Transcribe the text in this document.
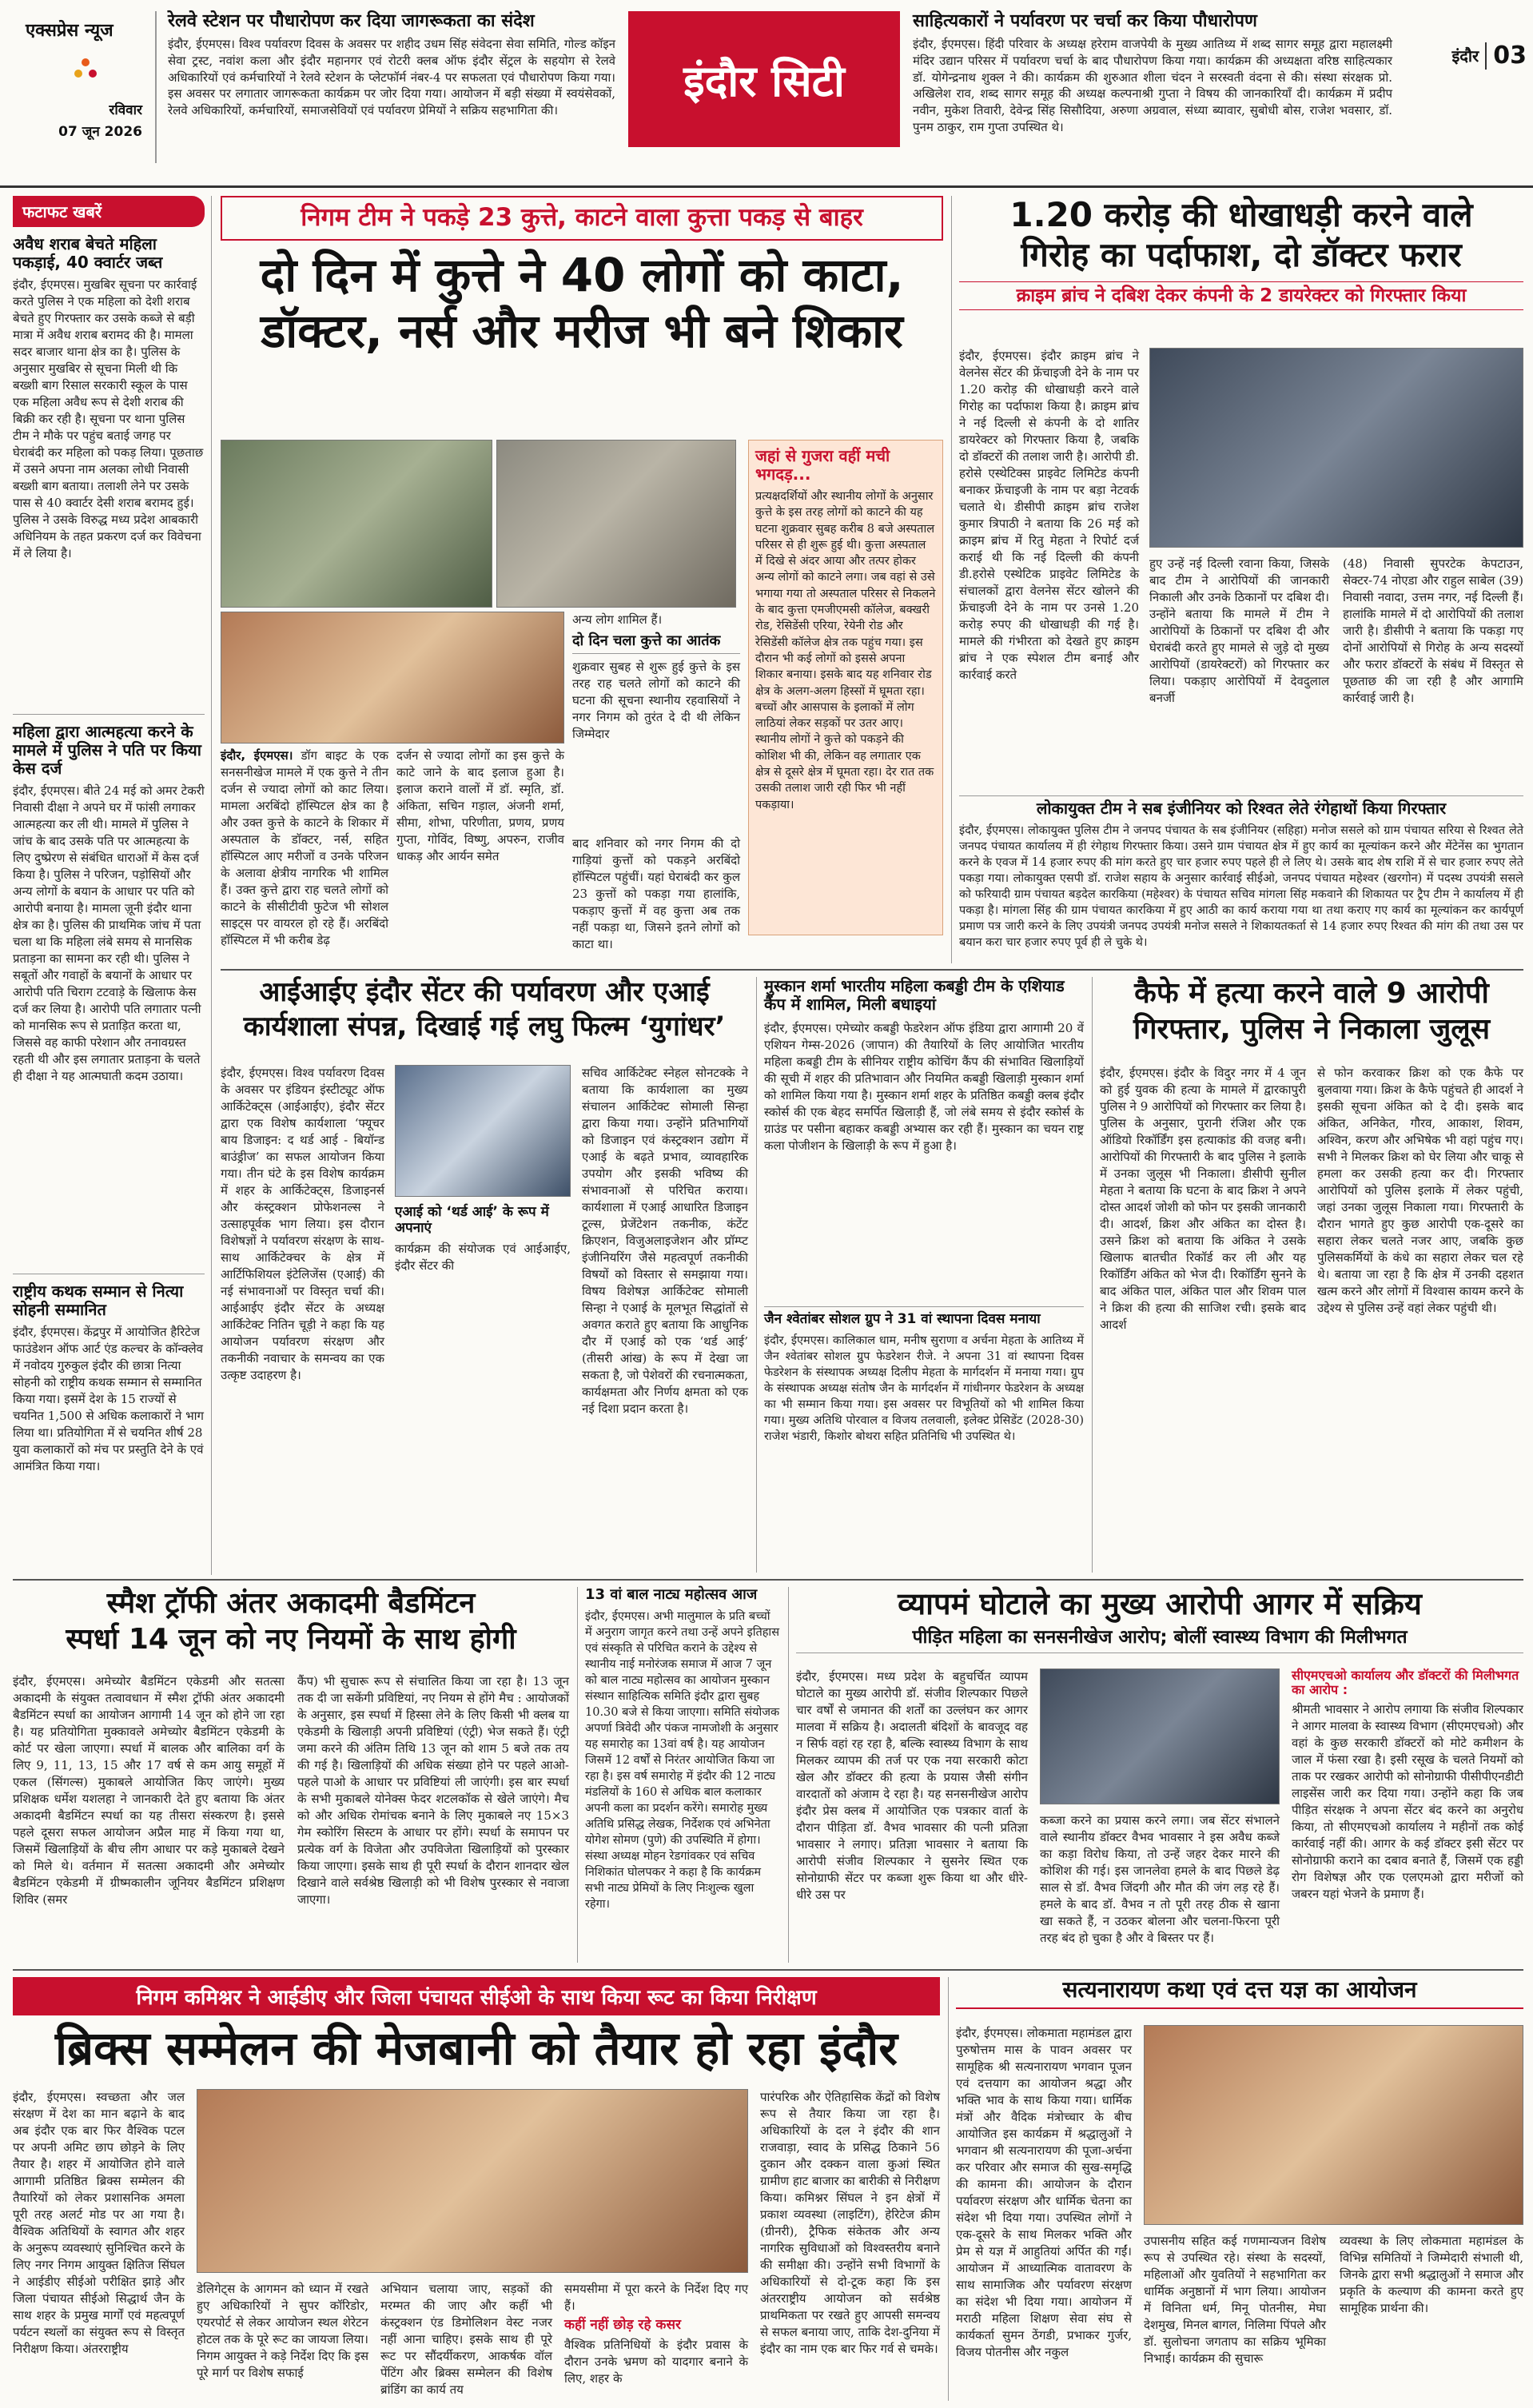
एक्सप्रेस न्यूज
रविवार
07 जून 2026
रेलवे स्टेशन पर पौधारोपण कर दिया जागरूकता का संदेश
इंदौर, ईएमएस। विश्व पर्यावरण दिवस के अवसर पर शहीद उधम सिंह संवेदना सेवा समिति, गोल्ड कॉइन सेवा ट्रस्ट, नवांश कला और इंदौर महानगर एवं रोटरी क्लब ऑफ इंदौर सेंट्रल के सहयोग से रेलवे अधिकारियों एवं कर्मचारियों ने रेलवे स्टेशन के प्लेटफॉर्म नंबर-4 पर सफलता एवं पौधारोपण किया गया। इस अवसर पर लगातार जागरूकता कार्यक्रम पर जोर दिया गया। आयोजन में बड़ी संख्या में स्वयंसेवकों, रेलवे अधिकारियों, कर्मचारियों, समाजसेवियों एवं पर्यावरण प्रेमियों ने सक्रिय सहभागिता की।
इंदौर सिटी
साहित्यकारों ने पर्यावरण पर चर्चा कर किया पौधारोपण
इंदौर, ईएमएस। हिंदी परिवार के अध्यक्ष हरेराम वाजपेयी के मुख्य आतिथ्य में शब्द सागर समूह द्वारा महालक्ष्मी मंदिर उद्यान परिसर में पर्यावरण चर्चा के बाद पौधारोपण किया गया। कार्यक्रम की अध्यक्षता वरिष्ठ साहित्यकार डॉ. योगेन्द्रनाथ शुक्ल ने की। कार्यक्रम की शुरुआत शीला चंदन ने सरस्वती वंदना से की। संस्था संरक्षक प्रो. अखिलेश राव, शब्द सागर समूह की अध्यक्ष कल्पनाश्री गुप्ता ने विषय की जानकारियाँ दी। कार्यक्रम में प्रदीप नवीन, मुकेश तिवारी, देवेन्द्र सिंह सिसौदिया, अरुणा अग्रवाल, संध्या ब्यावार, सुबोधी बोस, राजेश भवसार, डॉ. पुनम ठाकुर, राम गुप्ता उपस्थित थे।
इंदौर 03
फटाफट खबरें
अवैध शराब बेचते महिला पकड़ाई, 40 क्वार्टर जब्त
इंदौर, ईएमएस। मुखबिर सूचना पर कार्रवाई करते पुलिस ने एक महिला को देशी शराब बेचते हुए गिरफ्तार कर उसके कब्जे से बड़ी मात्रा में अवैध शराब बरामद की है। मामला सदर बाजार थाना क्षेत्र का है। पुलिस के अनुसार मुखबिर से सूचना मिली थी कि बख्शी बाग रिसाल सरकारी स्कूल के पास एक महिला अवैध रूप से देशी शराब की बिक्री कर रही है। सूचना पर थाना पुलिस टीम ने मौके पर पहुंच बताई जगह पर घेराबंदी कर महिला को पकड़ लिया। पूछताछ में उसने अपना नाम अलका लोधी निवासी बख्शी बाग बताया। तलाशी लेने पर उसके पास से 40 क्वार्टर देसी शराब बरामद हुई। पुलिस ने उसके विरुद्ध मध्य प्रदेश आबकारी अधिनियम के तहत प्रकरण दर्ज कर विवेचना में ले लिया है।
महिला द्वारा आत्महत्या करने के मामले में पुलिस ने पति पर किया केस दर्ज
इंदौर, ईएमएस। बीते 24 मई को अमर टेकरी निवासी दीक्षा ने अपने घर में फांसी लगाकर आत्महत्या कर ली थी। मामले में पुलिस ने जांच के बाद उसके पति पर आत्महत्या के लिए दुष्प्रेरण से संबंधित धाराओं में केस दर्ज किया है। पुलिस ने परिजन, पड़ोसियों और अन्य लोगों के बयान के आधार पर पति को आरोपी बनाया है। मामला ज़ूनी इंदौर थाना क्षेत्र का है। पुलिस की प्राथमिक जांच में पता चला था कि महिला लंबे समय से मानसिक प्रताड़ना का सामना कर रही थी। पुलिस ने सबूतों और गवाहों के बयानों के आधार पर आरोपी पति चिराग टटवाड़े के खिलाफ केस दर्ज कर लिया है। आरोपी पति लगातार पत्नी को मानसिक रूप से प्रताड़ित करता था, जिससे वह काफी परेशान और तनावग्रस्त रहती थी और इस लगातार प्रताड़ना के चलते ही दीक्षा ने यह आत्मघाती कदम उठाया।
राष्ट्रीय कथक सम्मान से नित्या सोहनी सम्मानित
इंदौर, ईएमएस। केंद्रपुर में आयोजित हैरिटेज फाउंडेशन ऑफ आर्ट एंड कल्चर के कॉन्क्लेव में नवोदय गुरुकुल इंदौर की छात्रा नित्या सोहनी को राष्ट्रीय कथक सम्मान से सम्मानित किया गया। इसमें देश के 15 राज्यों से चयनित 1,500 से अधिक कलाकारों ने भाग लिया था। प्रतियोगिता में से चयनित शीर्ष 28 युवा कलाकारों को मंच पर प्रस्तुति देने के एवं आमंत्रित किया गया।
निगम टीम ने पकड़े 23 कुत्ते, काटने वाला कुत्ता पकड़ से बाहर
दो दिन में कुत्ते ने 40 लोगों को काटा,
डॉक्टर, नर्स और मरीज भी बने शिकार
जहां से गुजरा वहीं मची भगदड़...
प्रत्यक्षदर्शियों और स्थानीय लोगों के अनुसार कुत्ते के इस तरह लोगों को काटने की यह घटना शुक्रवार सुबह करीब 8 बजे अस्पताल परिसर से ही शुरू हुई थी। कुत्ता अस्पताल में दिखे से अंदर आया और तत्पर होकर अन्य लोगों को काटने लगा। जब वहां से उसे भगाया गया तो अस्पताल परिसर से निकलने के बाद कुत्ता एमजीएमसी कॉलेज, बक्खरी रोड, रेसिडेंसी एरिया, रेयेनी रोड और रेसिडेंसी कॉलेज क्षेत्र तक पहुंच गया। इस दौरान भी कई लोगों को इससे अपना शिकार बनाया। इसके बाद यह शनिवार रोड क्षेत्र के अलग-अलग हिस्सों में घूमता रहा। बच्चों और आसपास के इलाकों में लोग लाठियां लेकर सड़कों पर उतर आए। स्थानीय लोगों ने कुत्ते को पकड़ने की कोशिश भी की, लेकिन वह लगातार एक क्षेत्र से दूसरे क्षेत्र में घूमता रहा। देर रात तक उसकी तलाश जारी रही फिर भी नहीं पकड़ाया।
इंदौर, ईएमएस। डॉग बाइट के एक सनसनीखेज मामले में एक कुत्ते ने तीन दर्जन से ज्यादा लोगों को काट लिया। मामला अरबिंदो हॉस्पिटल क्षेत्र का है और उक्त कुत्ते के काटने के शिकार में अस्पताल के डॉक्टर, नर्स, सहित हॉस्पिटल आए मरीजों व उनके परिजन के अलावा क्षेत्रीय नागरिक भी शामिल हैं। उक्त कुत्ते द्वारा राह चलते लोगों को काटने के सीसीटीवी फुटेज भी सोशल साइट्स पर वायरल हो रहे हैं। अरबिंदो हॉस्पिटल में भी करीब डेढ़
दर्जन से ज्यादा लोगों का इस कुत्ते के काटे जाने के बाद इलाज हुआ है। इलाज कराने वालों में डॉ. स्मृति, डॉ. अंकिता, सचिन गड़ाल, अंजनी शर्मा, सीमा, शोभा, परिणीता, प्रणय, प्रणय गुप्ता, गोविंद, विष्णु, अपरुन, राजीव धाकड़ और आर्यन समेत
अन्य लोग शामिल हैं।
दो दिन चला कुत्ते का आतंक
शुक्रवार सुबह से शुरू हुई कुत्ते के इस तरह राह चलते लोगों को काटने की घटना की सूचना स्थानीय रहवासियों ने नगर निगम को तुरंत दे दी थी लेकिन जिम्मेदार
बाद शनिवार को नगर निगम की दो गाड़ियां कुत्तों को पकड़ने अरबिंदो हॉस्पिटल पहुंचीं। यहां घेराबंदी कर कुल 23 कुत्तों को पकड़ा गया हालांकि, पकड़ाए कुत्तों में वह कुत्ता अब तक नहीं पकड़ा था, जिसने इतने लोगों को काटा था।
1.20 करोड़ की धोखाधड़ी करने वाले
गिरोह का पर्दाफाश, दो डॉक्टर फरार
क्राइम ब्रांच ने दबिश देकर कंपनी के 2 डायरेक्टर को गिरफ्तार किया
इंदौर, ईएमएस। इंदौर क्राइम ब्रांच ने वेलनेस सेंटर की फ्रेंचाइजी देने के नाम पर 1.20 करोड़ की धोखाधड़ी करने वाले गिरोह का पर्दाफाश किया है। क्राइम ब्रांच ने नई दिल्ली से कंपनी के दो शातिर डायरेक्टर को गिरफ्तार किया है, जबकि दो डॉक्टरों की तलाश जारी है। आरोपी डी. हरोसे एस्थेटिक्स प्राइवेट लिमिटेड कंपनी बनाकर फ्रेंचाइजी के नाम पर बड़ा नेटवर्क चलाते थे। डीसीपी क्राइम ब्रांच राजेश कुमार त्रिपाठी ने बताया कि 26 मई को क्राइम ब्रांच में रितु मेहता ने रिपोर्ट दर्ज कराई थी कि नई दिल्ली की कंपनी डी.हरोसे एस्थेटिक प्राइवेट लिमिटेड के संचालकों द्वारा वेलनेस सेंटर खोलने की फ्रेंचाइजी देने के नाम पर उनसे 1.20 करोड़ रुपए की धोखाधड़ी की गई है। मामले की गंभीरता को देखते हुए क्राइम ब्रांच ने एक स्पेशल टीम बनाई और कार्रवाई करते
हुए उन्हें नई दिल्ली रवाना किया, जिसके बाद टीम ने आरोपियों की जानकारी निकाली और उनके ठिकानों पर दबिश दी। उन्होंने बताया कि मामले में टीम ने आरोपियों के ठिकानों पर दबिश दी और घेराबंदी करते हुए मामले से जुड़े दो मुख्य आरोपियों (डायरेक्टरों) को गिरफ्तार कर लिया। पकड़ाए आरोपियों में देवदुलाल बनर्जी
(48) निवासी सुपरटेक केपटाउन, सेक्टर-74 नोएडा और राहुल साबेल (39) निवासी नवादा, उत्तम नगर, नई दिल्ली हैं। हालांकि मामले में दो आरोपियों की तलाश जारी है। डीसीपी ने बताया कि पकड़ा गए दोनों आरोपियों से गिरोह के अन्य सदस्यों और फरार डॉक्टरों के संबंध में विस्तृत से पूछताछ की जा रही है और आगामि कार्रवाई जारी है।
लोकायुक्त टीम ने सब इंजीनियर को रिश्वत लेते रंगेहाथों किया गिरफ्तार
इंदौर, ईएमएस। लोकायुक्त पुलिस टीम ने जनपद पंचायत के सब इंजीनियर (सहिहा) मनोज ससले को ग्राम पंचायत सरिया से रिश्वत लेते जनपद पंचायत कार्यालय में ही रंगेहाथ गिरफ्तार किया। उसने ग्राम पंचायत क्षेत्र में हुए कार्य का मूल्यांकन करने और मेंटेनेंस का भुगतान करने के एवज में 14 हजार रुपए की मांग करते हुए चार हजार रुपए पहले ही ले लिए थे। उसके बाद शेष राशि में से चार हजार रुपए लेते पकड़ा गया। लोकायुक्त एसपी डॉ. राजेश सहाय के अनुसार कार्रवाई सीईओ, जनपद पंचायत महेश्वर (खरगोन) में पदस्थ उपयंत्री ससले को फरियादी ग्राम पंचायत बड़देल कारकिया (महेश्वर) के पंचायत सचिव मांगला सिंह मकवाने की शिकायत पर ट्रैप टीम ने कार्यालय में ही पकड़ा है। मांगला सिंह की ग्राम पंचायत कारकिया में हुए आठी का कार्य कराया गया था तथा कराए गए कार्य का मूल्यांकन कर कार्यपूर्ण प्रमाण पत्र जारी करने के लिए उपयंत्री जनपद उपयंत्री मनोज ससले ने शिकायतकर्ता से 14 हजार रुपए रिश्वत की मांग की तथा उस पर बयान करा चार हजार रुपए पूर्व ही ले चुके थे।
आईआईए इंदौर सेंटर की पर्यावरण और एआई
कार्यशाला संपन्न, दिखाई गई लघु फिल्म ‘युगांधर’
इंदौर, ईएमएस। विश्व पर्यावरण दिवस के अवसर पर इंडियन इंस्टीट्यूट ऑफ आर्किटेक्ट्स (आईआईए), इंदौर सेंटर द्वारा एक विशेष कार्यशाला ‘फ्यूचर बाय डिजाइन: द थर्ड आई - बियॉन्ड बाउंड्रीज’ का सफल आयोजन किया गया। तीन घंटे के इस विशेष कार्यक्रम में शहर के आर्किटेक्ट्स, डिजाइनर्स और कंस्ट्रक्शन प्रोफेशनल्स ने उत्साहपूर्वक भाग लिया। इस दौरान विशेषज्ञों ने पर्यावरण संरक्षण के साथ-साथ आर्किटेक्चर के क्षेत्र में आर्टिफिशियल इंटेलिजेंस (एआई) की नई संभावनाओं पर विस्तृत चर्चा की। आईआईए इंदौर सेंटर के अध्यक्ष आर्किटेक्ट नितिन चूड़ी ने कहा कि यह आयोजन पर्यावरण संरक्षण और तकनीकी नवाचार के समन्वय का एक उत्कृष्ट उदाहरण है।
सचिव आर्किटेक्ट स्नेहल सोनटक्के ने बताया कि कार्यशाला का मुख्य संचालन आर्किटेक्ट सोमाली सिन्हा द्वारा किया गया। उन्होंने प्रतिभागियों को डिजाइन एवं कंस्ट्रक्शन उद्योग में एआई के बढ़ते प्रभाव, व्यावहारिक उपयोग और इसकी भविष्य की संभावनाओं से परिचित कराया। कार्यशाला में एआई आधारित डिजाइन टूल्स, प्रेजेंटेशन तकनीक, कंटेंट क्रिएशन, विजुअलाइजेशन और प्रॉम्प्ट इंजीनियरिंग जैसे महत्वपूर्ण तकनीकी विषयों को विस्तार से समझाया गया। विषय विशेषज्ञ आर्किटेक्ट सोमाली सिन्हा ने एआई के मूलभूत सिद्धांतों से अवगत कराते हुए बताया कि आधुनिक दौर में एआई को एक ‘थर्ड आई’ (तीसरी आंख) के रूप में देखा जा सकता है, जो पेशेवरों की रचनात्मकता, कार्यक्षमता और निर्णय क्षमता को एक नई दिशा प्रदान करता है।
एआई को ‘थर्ड आई’ के रूप में अपनाएं
कार्यक्रम की संयोजक एवं आईआईए, इंदौर सेंटर की
मुस्कान शर्मा भारतीय महिला कबड्डी टीम के एशियाड कैंप में शामिल, मिली बधाइयां
इंदौर, ईएमएस। एमेच्योर कबड्डी फेडरेशन ऑफ इंडिया द्वारा आगामी 20 वें एशियन गेम्स-2026 (जापान) की तैयारियों के लिए आयोजित भारतीय महिला कबड्डी टीम के सीनियर राष्ट्रीय कोचिंग कैंप की संभावित खिलाड़ियों की सूची में शहर की प्रतिभावान और नियमित कबड्डी खिलाड़ी मुस्कान शर्मा को शामिल किया गया है। मुस्कान शर्मा शहर के प्रतिष्ठित कबड्डी क्लब इंदौर स्कोर्स की एक बेहद समर्पित खिलाड़ी हैं, जो लंबे समय से इंदौर स्कोर्स के ग्राउंड पर पसीना बहाकर कबड्डी अभ्यास कर रही हैं। मुस्कान का चयन राष्ट्र कला पोजीशन के खिलाड़ी के रूप में हुआ है।
जैन श्वेतांबर सोशल ग्रुप ने 31 वां स्थापना दिवस मनाया
इंदौर, ईएमएस। कालिकाल धाम, मनीष सुराणा व अर्चना मेहता के आतिथ्य में जैन श्वेतांबर सोशल ग्रुप फेडरेशन रीजे. ने अपना 31 वां स्थापना दिवस फेडरेशन के संस्थापक अध्यक्ष दिलीप मेहता के मार्गदर्शन में मनाया गया। ग्रुप के संस्थापक अध्यक्ष संतोष जैन के मार्गदर्शन में गांधीनगर फेडरेशन के अध्यक्ष का भी सम्मान किया गया। इस अवसर पर विभूतियों को भी शामिल किया गया। मुख्य अतिथि पोरवाल व विजय तलवाली, इलेक्ट प्रेसिडेंट (2028-30) राजेश भंडारी, किशोर बोथरा सहित प्रतिनिधि भी उपस्थित थे।
कैफे में हत्या करने वाले 9 आरोपी
गिरफ्तार, पुलिस ने निकाला जुलूस
इंदौर, ईएमएस। इंदौर के विदुर नगर में 4 जून को हुई युवक की हत्या के मामले में द्वारकापुरी पुलिस ने 9 आरोपियों को गिरफ्तार कर लिया है। पुलिस के अनुसार, पुरानी रंजिश और एक ऑडियो रिकॉर्डिंग इस हत्याकांड की वजह बनी। आरोपियों की गिरफ्तारी के बाद पुलिस ने इलाके में उनका जुलूस भी निकाला। डीसीपी सुनील मेहता ने बताया कि घटना के बाद क्रिश ने अपने दोस्त आदर्श जोशी को फोन पर इसकी जानकारी दी। आदर्श, क्रिश और अंकित का दोस्त है। उसने क्रिश को बताया कि अंकित ने उसके खिलाफ बातचीत रिकॉर्ड कर ली और यह रिकॉर्डिंग अंकित को भेज दी। रिकॉर्डिंग सुनने के बाद अंकित पाल, अंकित पाल और शिवम पाल ने क्रिश की हत्या की साजिश रची। इसके बाद आदर्श
से फोन करवाकर क्रिश को एक कैफे पर बुलवाया गया। क्रिश के कैफे पहुंचते ही आदर्श ने इसकी सूचना अंकित को दे दी। इसके बाद अंकित, अनिकेत, गौरव, आकाश, शिवम, अश्विन, करण और अभिषेक भी वहां पहुंच गए। सभी ने मिलकर क्रिश को घेर लिया और चाकू से हमला कर उसकी हत्या कर दी। गिरफ्तार आरोपियों को पुलिस इलाके में लेकर पहुंची, जहां उनका जुलूस निकाला गया। गिरफ्तारी के दौरान भागते हुए कुछ आरोपी एक-दूसरे का सहारा लेकर चलते नजर आए, जबकि कुछ पुलिसकर्मियों के कंधे का सहारा लेकर चल रहे थे। बताया जा रहा है कि क्षेत्र में उनकी दहशत खत्म करने और लोगों में विश्वास कायम करने के उद्देश्य से पुलिस उन्हें वहां लेकर पहुंची थी।
स्मैश ट्रॉफी अंतर अकादमी बैडमिंटन
स्पर्धा 14 जून को नए नियमों के साथ होगी
इंदौर, ईएमएस। अमेच्योर बैडमिंटन एकेडमी और सतत्सा अकादमी के संयुक्त तत्वावधान में स्मैश ट्रॉफी अंतर अकादमी बैडमिंटन स्पर्धा का आयोजन आगामी 14 जून को होने जा रहा है। यह प्रतियोगिता मुक्कावले अमेच्योर बैडमिंटन एकेडमी के कोर्ट पर खेला जाएगा। स्पर्धा में बालक और बालिका वर्ग के लिए 9, 11, 13, 15 और 17 वर्ष से कम आयु समूहों में एकल (सिंगल्स) मुकाबले आयोजित किए जाएंगे। मुख्य प्रशिक्षक धर्मेश यशलहा ने जानकारी देते हुए बताया कि अंतर अकादमी बैडमिंटन स्पर्धा का यह तीसरा संस्करण है। इससे पहले दूसरा सफल आयोजन अप्रैल माह में किया गया था, जिसमें खिलाड़ियों के बीच लीग आधार पर कड़े मुकाबले देखने को मिले थे। वर्तमान में सतत्सा अकादमी और अमेच्योर बैडमिंटन एकेडमी में ग्रीष्मकालीन जूनियर बैडमिंटन प्रशिक्षण शिविर (समर
कैंप) भी सुचारू रूप से संचालित किया जा रहा है। 13 जून तक दी जा सकेंगी प्रविष्टियां, नए नियम से होंगे मैच : आयोजकों के अनुसार, इस स्पर्धा में हिस्सा लेने के लिए किसी भी क्लब या एकेडमी के खिलाड़ी अपनी प्रविष्टियां (एंट्री) भेज सकते हैं। एंट्री जमा करने की अंतिम तिथि 13 जून को शाम 5 बजे तक तय की गई है। खिलाड़ियों की अधिक संख्या होने पर पहले आओ-पहले पाओ के आधार पर प्रविष्टियां ली जाएंगी। इस बार स्पर्धा के सभी मुकाबले योनेक्स फेदर शटलकॉक से खेले जाएंगे। मैच को और अधिक रोमांचक बनाने के लिए मुकाबले नए 15×3 गेम स्कोरिंग सिस्टम के आधार पर होंगे। स्पर्धा के समापन पर प्रत्येक वर्ग के विजेता और उपविजेता खिलाड़ियों को पुरस्कार किया जाएगा। इसके साथ ही पूरी स्पर्धा के दौरान शानदार खेल दिखाने वाले सर्वश्रेष्ठ खिलाड़ी को भी विशेष पुरस्कार से नवाजा जाएगा।
13 वां बाल नाट्य महोत्सव आज
इंदौर, ईएमएस। अभी मालुमाल के प्रति बच्चों में अनुराग जागृत करने तथा उन्हें अपने इतिहास एवं संस्कृति से परिचित कराने के उद्देश्य से स्थानीय नाई मनोरंजक समाज में आज 7 जून को बाल नाट्य महोत्सव का आयोजन मुस्कान संस्थान साहित्यिक समिति इंदौर द्वारा सुबह 10.30 बजे से किया जाएगा। समिति संयोजक अपर्णा त्रिवेदी और पंकज नामजोशी के अनुसार यह समारोह का 13वां वर्ष है। यह आयोजन जिसमें 12 वर्षों से निरंतर आयोजित किया जा रहा है। इस वर्ष समारोह में इंदौर की 12 नाट्य मंडलियों के 160 से अधिक बाल कलाकार अपनी कला का प्रदर्शन करेंगे। समारोह मुख्य अतिथि प्रसिद्ध लेखक, निर्देशक एवं अभिनेता योगेश सोमण (पुणे) की उपस्थिति में होगा। संस्था अध्यक्ष मोहन रेडगांवकर एवं सचिव निशिकांत घोलपकर ने कहा है कि कार्यक्रम सभी नाट्य प्रेमियों के लिए निःशुल्क खुला रहेगा।
व्यापमं घोटाले का मुख्य आरोपी आगर में सक्रिय
पीड़ित महिला का सनसनीखेज आरोप; बोलीं स्वास्थ्य विभाग की मिलीभगत
इंदौर, ईएमएस। मध्य प्रदेश के बहुचर्चित व्यापम घोटाले का मुख्य आरोपी डॉ. संजीव शिल्पकार पिछले चार वर्षों से जमानत की शर्तों का उल्लंघन कर आगर मालवा में सक्रिय है। अदालती बंदिशों के बावजूद वह न सिर्फ वहां रह रहा है, बल्कि स्वास्थ्य विभाग के साथ मिलकर व्यापम की तर्ज पर एक नया सरकारी कोटा खेल और डॉक्टर की हत्या के प्रयास जैसी संगीन वारदातों को अंजाम दे रहा है। यह सनसनीखेज आरोप इंदौर प्रेस क्लब में आयोजित एक पत्रकार वार्ता के दौरान पीड़िता डॉ. वैभव भावसार की पत्नी प्रतिज्ञा भावसार ने लगाए। प्रतिज्ञा भावसार ने बताया कि आरोपी संजीव शिल्पकार ने सुसनेर स्थित एक सोनोग्राफी सेंटर पर कब्जा शुरू किया था और धीरे-धीरे उस पर
कब्जा करने का प्रयास करने लगा। जब सेंटर संभालने वाले स्थानीय डॉक्टर वैभव भावसार ने इस अवैध कब्जे का कड़ा विरोध किया, तो उन्हें जहर देकर मारने की कोशिश की गई। इस जानलेवा हमले के बाद पिछले डेढ़ साल से डॉ. वैभव जिंदगी और मौत की जंग लड़ रहे हैं। हमले के बाद डॉ. वैभव न तो पूरी तरह ठीक से खाना खा सकते हैं, न उठकर बोलना और चलना-फिरना पूरी तरह बंद हो चुका है और वे बिस्तर पर हैं।
सीएमएचओ कार्यालय और डॉक्टरों की मिलीभगत का आरोप :
श्रीमती भावसार ने आरोप लगाया कि संजीव शिल्पकार ने आगर मालवा के स्वास्थ्य विभाग (सीएमएचओ) और वहां के कुछ सरकारी डॉक्टरों को मोटे कमीशन के जाल में फंसा रखा है। इसी रसूख के चलते नियमों को ताक पर रखकर आरोपी को सोनोग्राफी पीसीपीएनडीटी लाइसेंस जारी कर दिया गया। उन्होंने कहा कि जब पीड़ित संरक्षक ने अपना सेंटर बंद करने का अनुरोध किया, तो सीएमएचओ कार्यालय ने महीनों तक कोई कार्रवाई नहीं की। आगर के कई डॉक्टर इसी सेंटर पर सोनोग्राफी कराने का दबाव बनाते हैं, जिसमें एक हड्डी रोग विशेषज्ञ और एक एलएमओ द्वारा मरीजों को जबरन यहां भेजने के प्रमाण हैं।
निगम कमिश्नर ने आईडीए और जिला पंचायत सीईओ के साथ किया रूट का किया निरीक्षण
ब्रिक्स सम्मेलन की मेजबानी को तैयार हो रहा इंदौर
इंदौर, ईएमएस। स्वच्छता और जल संरक्षण में देश का मान बढ़ाने के बाद अब इंदौर एक बार फिर वैश्विक पटल पर अपनी अमिट छाप छोड़ने के लिए तैयार है। शहर में आयोजित होने वाले आगामी प्रतिष्ठित ब्रिक्स सम्मेलन की तैयारियों को लेकर प्रशासनिक अमला पूरी तरह अलर्ट मोड पर आ गया है। वैश्विक अतिथियों के स्वागत और शहर के अनुरूप व्यवस्थाएं सुनिश्चित करने के लिए नगर निगम आयुक्त क्षितिज सिंघल ने आईडीए सीईओ परीक्षित झाड़े और जिला पंचायत सीईओ सिद्धार्थ जैन के साथ शहर के प्रमुख मार्गों एवं महत्वपूर्ण पर्यटन स्थलों का संयुक्त रूप से विस्तृत निरीक्षण किया। अंतरराष्ट्रीय
डेलिगेट्स के आगमन को ध्यान में रखते हुए अधिकारियों ने सुपर कॉरिडोर, एयरपोर्ट से लेकर आयोजन स्थल शेरेटन होटल तक के पूरे रूट का जायजा लिया। निगम आयुक्त ने कड़े निर्देश दिए कि इस पूरे मार्ग पर विशेष सफाई
अभियान चलाया जाए, सड़कों की मरम्मत की जाए और कहीं भी कंस्ट्रक्शन एंड डिमोलिशन वेस्ट नजर नहीं आना चाहिए। इसके साथ ही पूरे रूट पर सौंदर्यीकरण, आकर्षक वॉल पेंटिंग और ब्रिक्स सम्मेलन की विशेष ब्रांडिंग का कार्य तय
समयसीमा में पूरा करने के निर्देश दिए गए हैं।
कहीं नहीं छोड़ रहे कसर
वैश्विक प्रतिनिधियों के इंदौर प्रवास के दौरान उनके भ्रमण को यादगार बनाने के लिए, शहर के
पारंपरिक और ऐतिहासिक केंद्रों को विशेष रूप से तैयार किया जा रहा है। अधिकारियों के दल ने इंदौर की शान राजवाड़ा, स्वाद के प्रसिद्ध ठिकाने 56 दुकान और दक्कन वाला कुआं स्थित ग्रामीण हाट बाजार का बारीकी से निरीक्षण किया। कमिश्नर सिंघल ने इन क्षेत्रों में प्रकाश व्यवस्था (लाइटिंग), हेरिटेज क्रीम (ग्रीनरी), ट्रैफिक संकेतक और अन्य नागरिक सुविधाओं को विश्वस्तरीय बनाने की समीक्षा की। उन्होंने सभी विभागों के अधिकारियों से दो-टूक कहा कि इस अंतरराष्ट्रीय आयोजन को सर्वश्रेष्ठ प्राथमिकता पर रखते हुए आपसी समन्वय से सफल बनाया जाए, ताकि देश-दुनिया में इंदौर का नाम एक बार फिर गर्व से चमके।
सत्यनारायण कथा एवं दत्त यज्ञ का आयोजन
इंदौर, ईएमएस। लोकमाता महामंडल द्वारा पुरुषोत्तम मास के पावन अवसर पर सामूहिक श्री सत्यनारायण भगवान पूजन एवं दत्तयाग का आयोजन श्रद्धा और भक्ति भाव के साथ किया गया। धार्मिक मंत्रों और वैदिक मंत्रोच्चार के बीच आयोजित इस कार्यक्रम में श्रद्धालुओं ने भगवान श्री सत्यनारायण की पूजा-अर्चना कर परिवार और समाज की सुख-समृद्धि की कामना की। आयोजन के दौरान पर्यावरण संरक्षण और धार्मिक चेतना का संदेश भी दिया गया। उपस्थित लोगों ने एक-दूसरे के साथ मिलकर भक्ति और प्रेम से यज्ञ में आहुतियां अर्पित की गईं। आयोजन में आध्यात्मिक वातावरण के साथ सामाजिक और पर्यावरण संरक्षण का संदेश भी दिया गया। आयोजन में मराठी महिला शिक्षण सेवा संघ से कार्यकर्ता सुमन ठेंगडी, प्रभाकर गुर्जर, विजय पोतनीस और नकुल
उपासनीय सहित कई गणमान्यजन विशेष रूप से उपस्थित रहे। संस्था के सदस्यों, महिलाओं और युवतियों ने सहभागिता कर धार्मिक अनुष्ठानों में भाग लिया। आयोजन में विनिता धर्म, मिनू पोतनीस, मेघा देशमुख, मिनल बागल, निलिमा पिंपले और डॉ. सुलोचना जगताप का सक्रिय भूमिका निभाई। कार्यक्रम की सुचारू
व्यवस्था के लिए लोकमाता महामंडल के विभिन्न समितियों ने जिम्मेदारी संभाली थी, जिनके द्वारा सभी श्रद्धालुओं ने समाज और प्रकृति के कल्याण की कामना करते हुए सामूहिक प्रार्थना की।
